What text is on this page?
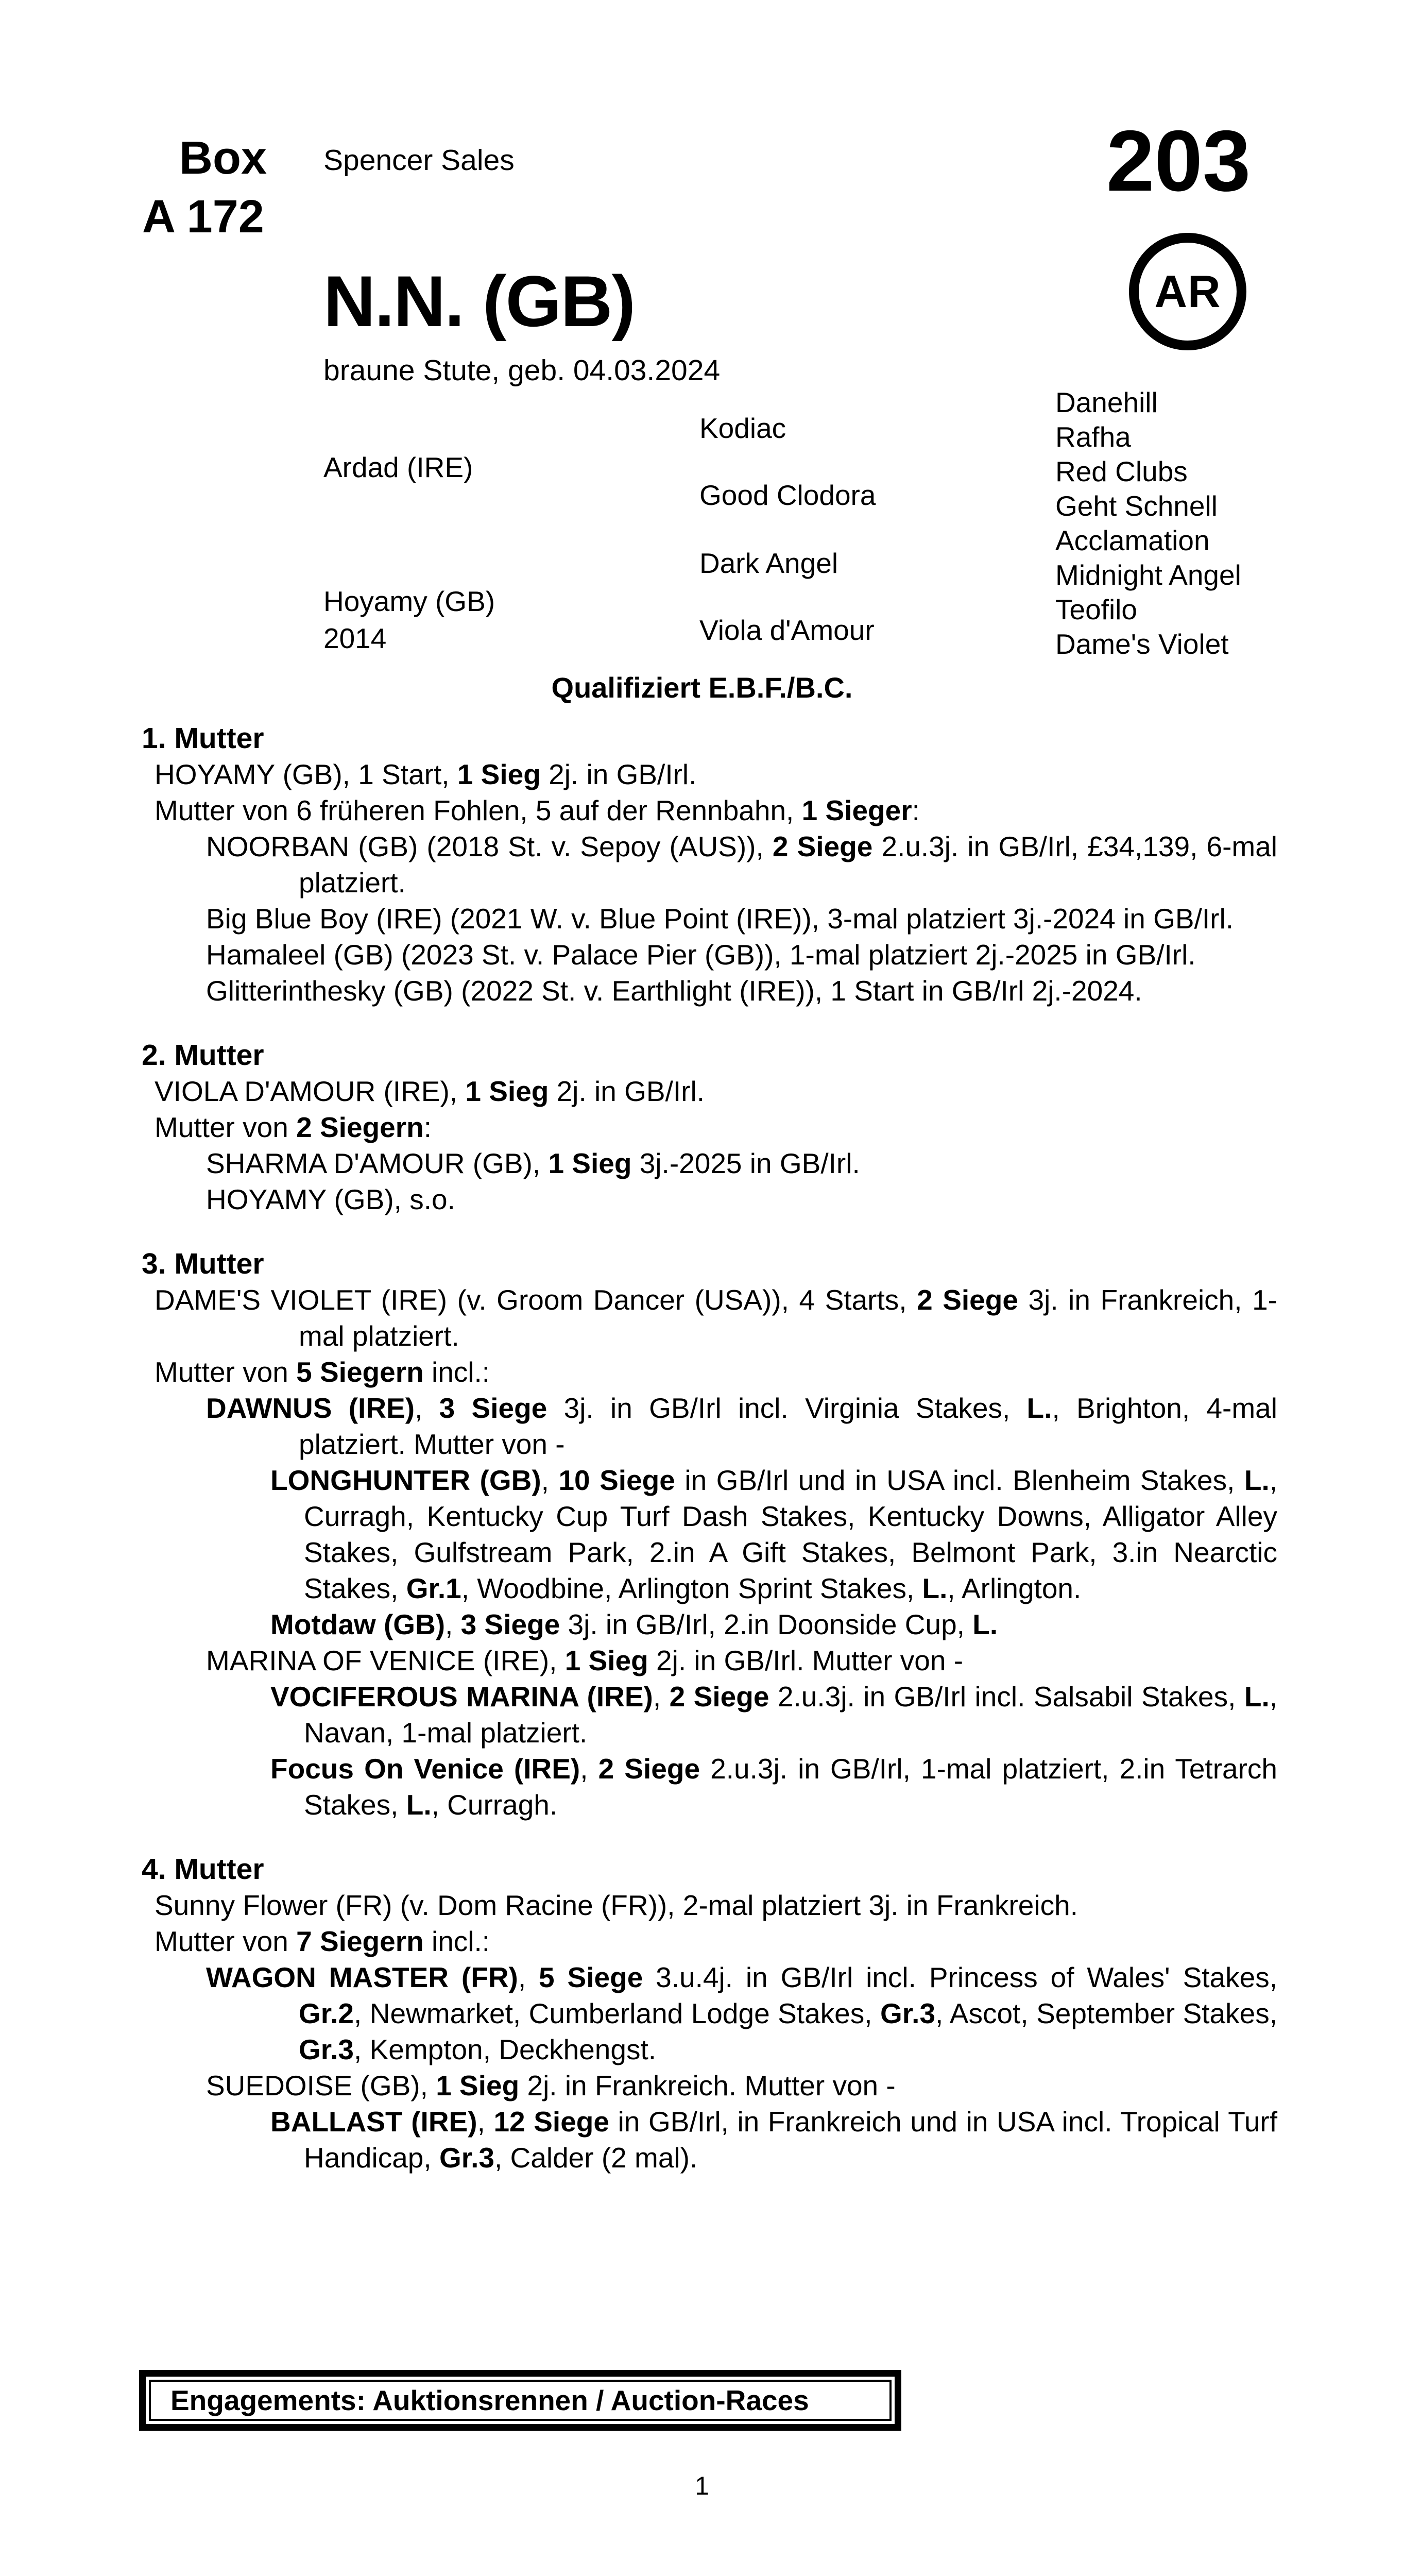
Box
A 172
Spencer Sales	203
AR
N.N. (GB)
braune Stute, geb. 04.03.2024
Ardad (IRE)
Hoyamy (GB)
2014
Kodiac
Good Clodora
Dark Angel
Viola d'Amour
Danehill
Rafha
Red Clubs
Geht Schnell
Acclamation
Midnight Angel
Teofilo
Dame's Violet
Qualifiziert E.B.F./B.C.
1. Mutter

HOYAMY (GB), 1 Start, 1 Sieg 2j. in GB/Irl.

Mutter von 6 früheren Fohlen, 5 auf der Rennbahn, 1 Sieger:

NOORBAN (GB) (2018 St. v. Sepoy (AUS)), 2 Siege 2.u.3j. in GB/Irl, £34,139, 6-mal platziert.

Big Blue Boy (IRE) (2021 W. v. Blue Point (IRE)), 3-mal platziert 3j.-2024 in GB/Irl.

Hamaleel (GB) (2023 St. v. Palace Pier (GB)), 1-mal platziert 2j.-2025 in GB/Irl.

Glitterinthesky (GB) (2022 St. v. Earthlight (IRE)), 1 Start in GB/Irl 2j.-2024.

2. Mutter

VIOLA D'AMOUR (IRE), 1 Sieg 2j. in GB/Irl.

Mutter von 2 Siegern:

SHARMA D'AMOUR (GB), 1 Sieg 3j.-2025 in GB/Irl.

HOYAMY (GB), s.o.

3. Mutter

DAME'S VIOLET (IRE) (v. Groom Dancer (USA)), 4 Starts, 2 Siege 3j. in Frankreich, 1-mal platziert.

Mutter von 5 Siegern incl.:

DAWNUS (IRE), 3 Siege 3j. in GB/Irl incl. Virginia Stakes, L., Brighton, 4-mal platziert. Mutter von -

LONGHUNTER (GB), 10 Siege in GB/Irl und in USA incl. Blenheim Stakes, L., Curragh, Kentucky Cup Turf Dash Stakes, Kentucky Downs, Alligator Alley Stakes, Gulfstream Park, 2.in A Gift Stakes, Belmont Park, 3.in Nearctic Stakes, Gr.1, Woodbine, Arlington Sprint Stakes, L., Arlington.

Motdaw (GB), 3 Siege 3j. in GB/Irl, 2.in Doonside Cup, L.

MARINA OF VENICE (IRE), 1 Sieg 2j. in GB/Irl. Mutter von -

VOCIFEROUS MARINA (IRE), 2 Siege 2.u.3j. in GB/Irl incl. Salsabil Stakes, L., Navan, 1-mal platziert.

Focus On Venice (IRE), 2 Siege 2.u.3j. in GB/Irl, 1-mal platziert, 2.in Tetrarch Stakes, L., Curragh.

4. Mutter

Sunny Flower (FR) (v. Dom Racine (FR)), 2-mal platziert 3j. in Frankreich.

Mutter von 7 Siegern incl.:

WAGON MASTER (FR), 5 Siege 3.u.4j. in GB/Irl incl. Princess of Wales' Stakes, Gr.2, Newmarket, Cumberland Lodge Stakes, Gr.3, Ascot, September Stakes, Gr.3, Kempton, Deckhengst.

SUEDOISE (GB), 1 Sieg 2j. in Frankreich. Mutter von -

BALLAST (IRE), 12 Siege in GB/Irl, in Frankreich und in USA incl. Tropical Turf Handicap, Gr.3, Calder (2 mal).

Engagements: Auktionsrennen / Auction-Races
1
